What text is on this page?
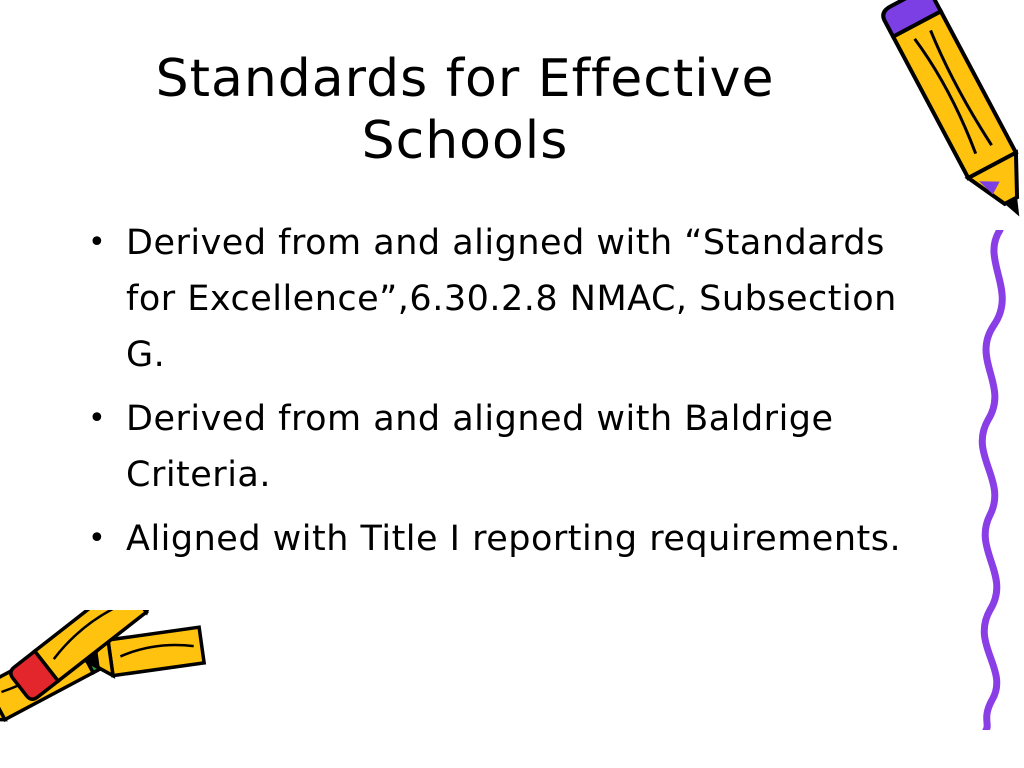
Standards for Effective Schools
• Derived from and aligned with “Standards for Excellence”,6.30.2.8 NMAC, Subsection G.
• Derived from and aligned with Baldrige Criteria.
• Aligned with Title I reporting requirements.
